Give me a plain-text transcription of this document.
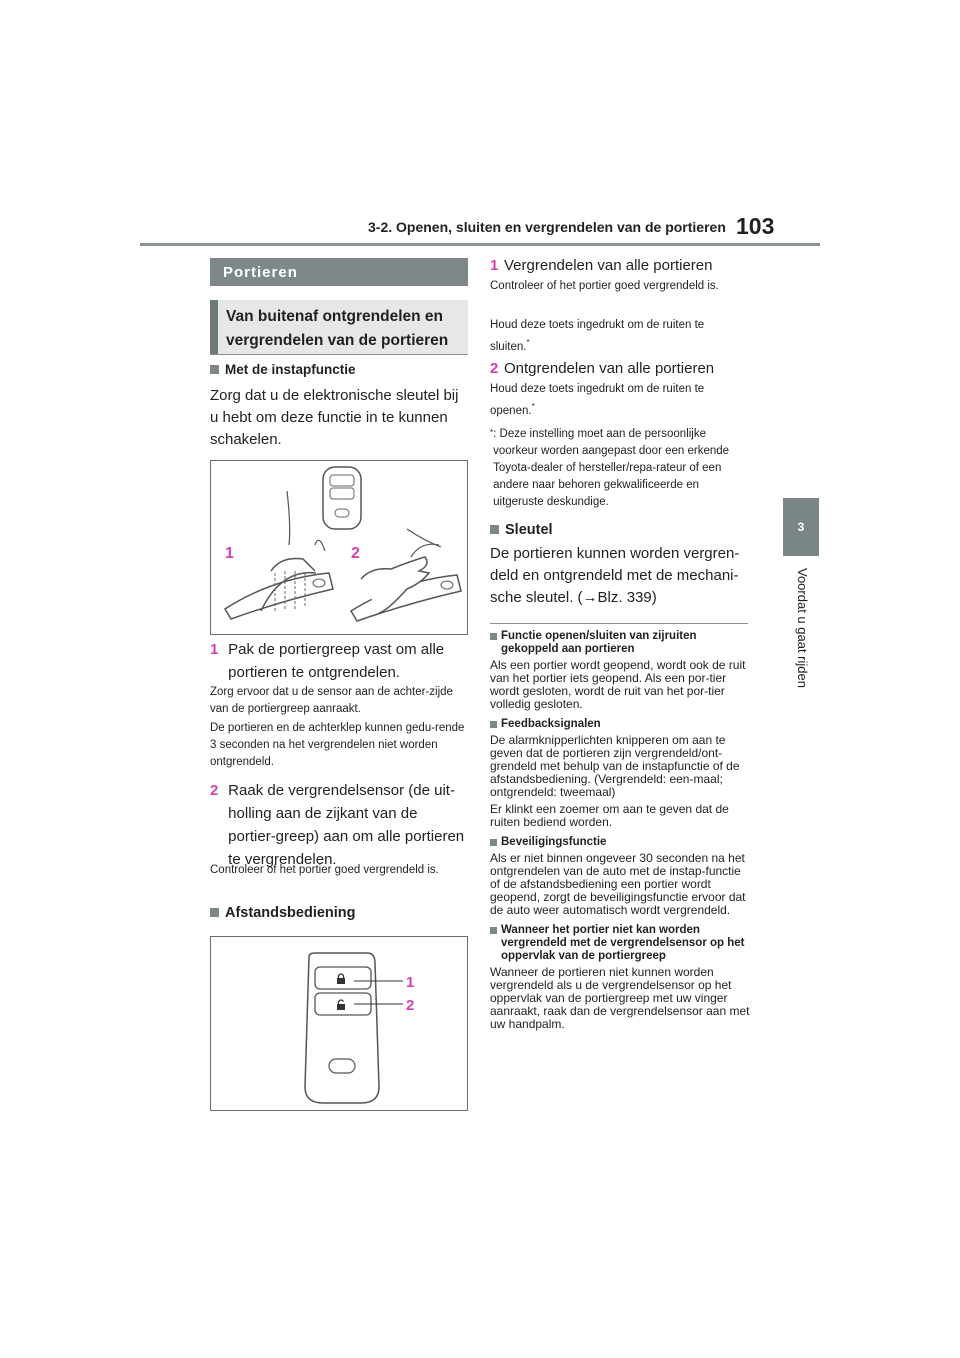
3-2. Openen, sluiten en vergrendelen van de portieren 103
3
Voordat u gaat rijden
Portieren
Van buitenaf ontgrendelen en vergrendelen van de portieren
Met de instapfunctie
Zorg dat u de elektronische sleutel bij u hebt om deze functie in te kunnen schakelen.
1	2
1 Pak de portiergreep vast om alle portieren te ontgrendelen.
Zorg ervoor dat u de sensor aan de achter-zijde van de portiergreep aanraakt.
De portieren en de achterklep kunnen gedu-rende 3 seconden na het vergrendelen niet worden ontgrendeld.
2 Raak de vergrendelsensor (de uit-holling aan de zijkant van de portier-greep) aan om alle portieren te vergrendelen.
Controleer of het portier goed vergrendeld is.
Afstandsbediening
1
2
1 Vergrendelen van alle portieren
Controleer of het portier goed vergrendeld is.
Houd deze toets ingedrukt om de ruiten te sluiten.*
2 Ontgrendelen van alle portieren
Houd deze toets ingedrukt om de ruiten te openen.*
* : Deze instelling moet aan de persoonlijke voorkeur worden aangepast door een erkende Toyota-dealer of hersteller/repa-rateur of een andere naar behoren gekwalificeerde en uitgeruste deskundige.
Sleutel
De portieren kunnen worden vergren-deld en ontgrendeld met de mechani-sche sleutel. (→Blz. 339)
Functie openen/sluiten van zijruiten gekoppeld aan portieren
Als een portier wordt geopend, wordt ook de ruit van het portier iets geopend. Als een por-tier wordt gesloten, wordt de ruit van het por-tier volledig gesloten.
Feedbacksignalen
De alarmknipperlichten knipperen om aan te geven dat de portieren zijn vergrendeld/ont-grendeld met behulp van de instapfunctie of de afstandsbediening. (Vergrendeld: een-maal; ontgrendeld: tweemaal)
Er klinkt een zoemer om aan te geven dat de ruiten bediend worden.
Beveiligingsfunctie
Als er niet binnen ongeveer 30 seconden na het ontgrendelen van de auto met de instap-functie of de afstandsbediening een portier wordt geopend, zorgt de beveiligingsfunctie ervoor dat de auto weer automatisch wordt vergrendeld.
Wanneer het portier niet kan worden vergrendeld met de vergrendelsensor op het oppervlak van de portiergreep
Wanneer de portieren niet kunnen worden vergrendeld als u de vergrendelsensor op het oppervlak van de portiergreep met uw vinger aanraakt, raak dan de vergrendelsensor aan met uw handpalm.
